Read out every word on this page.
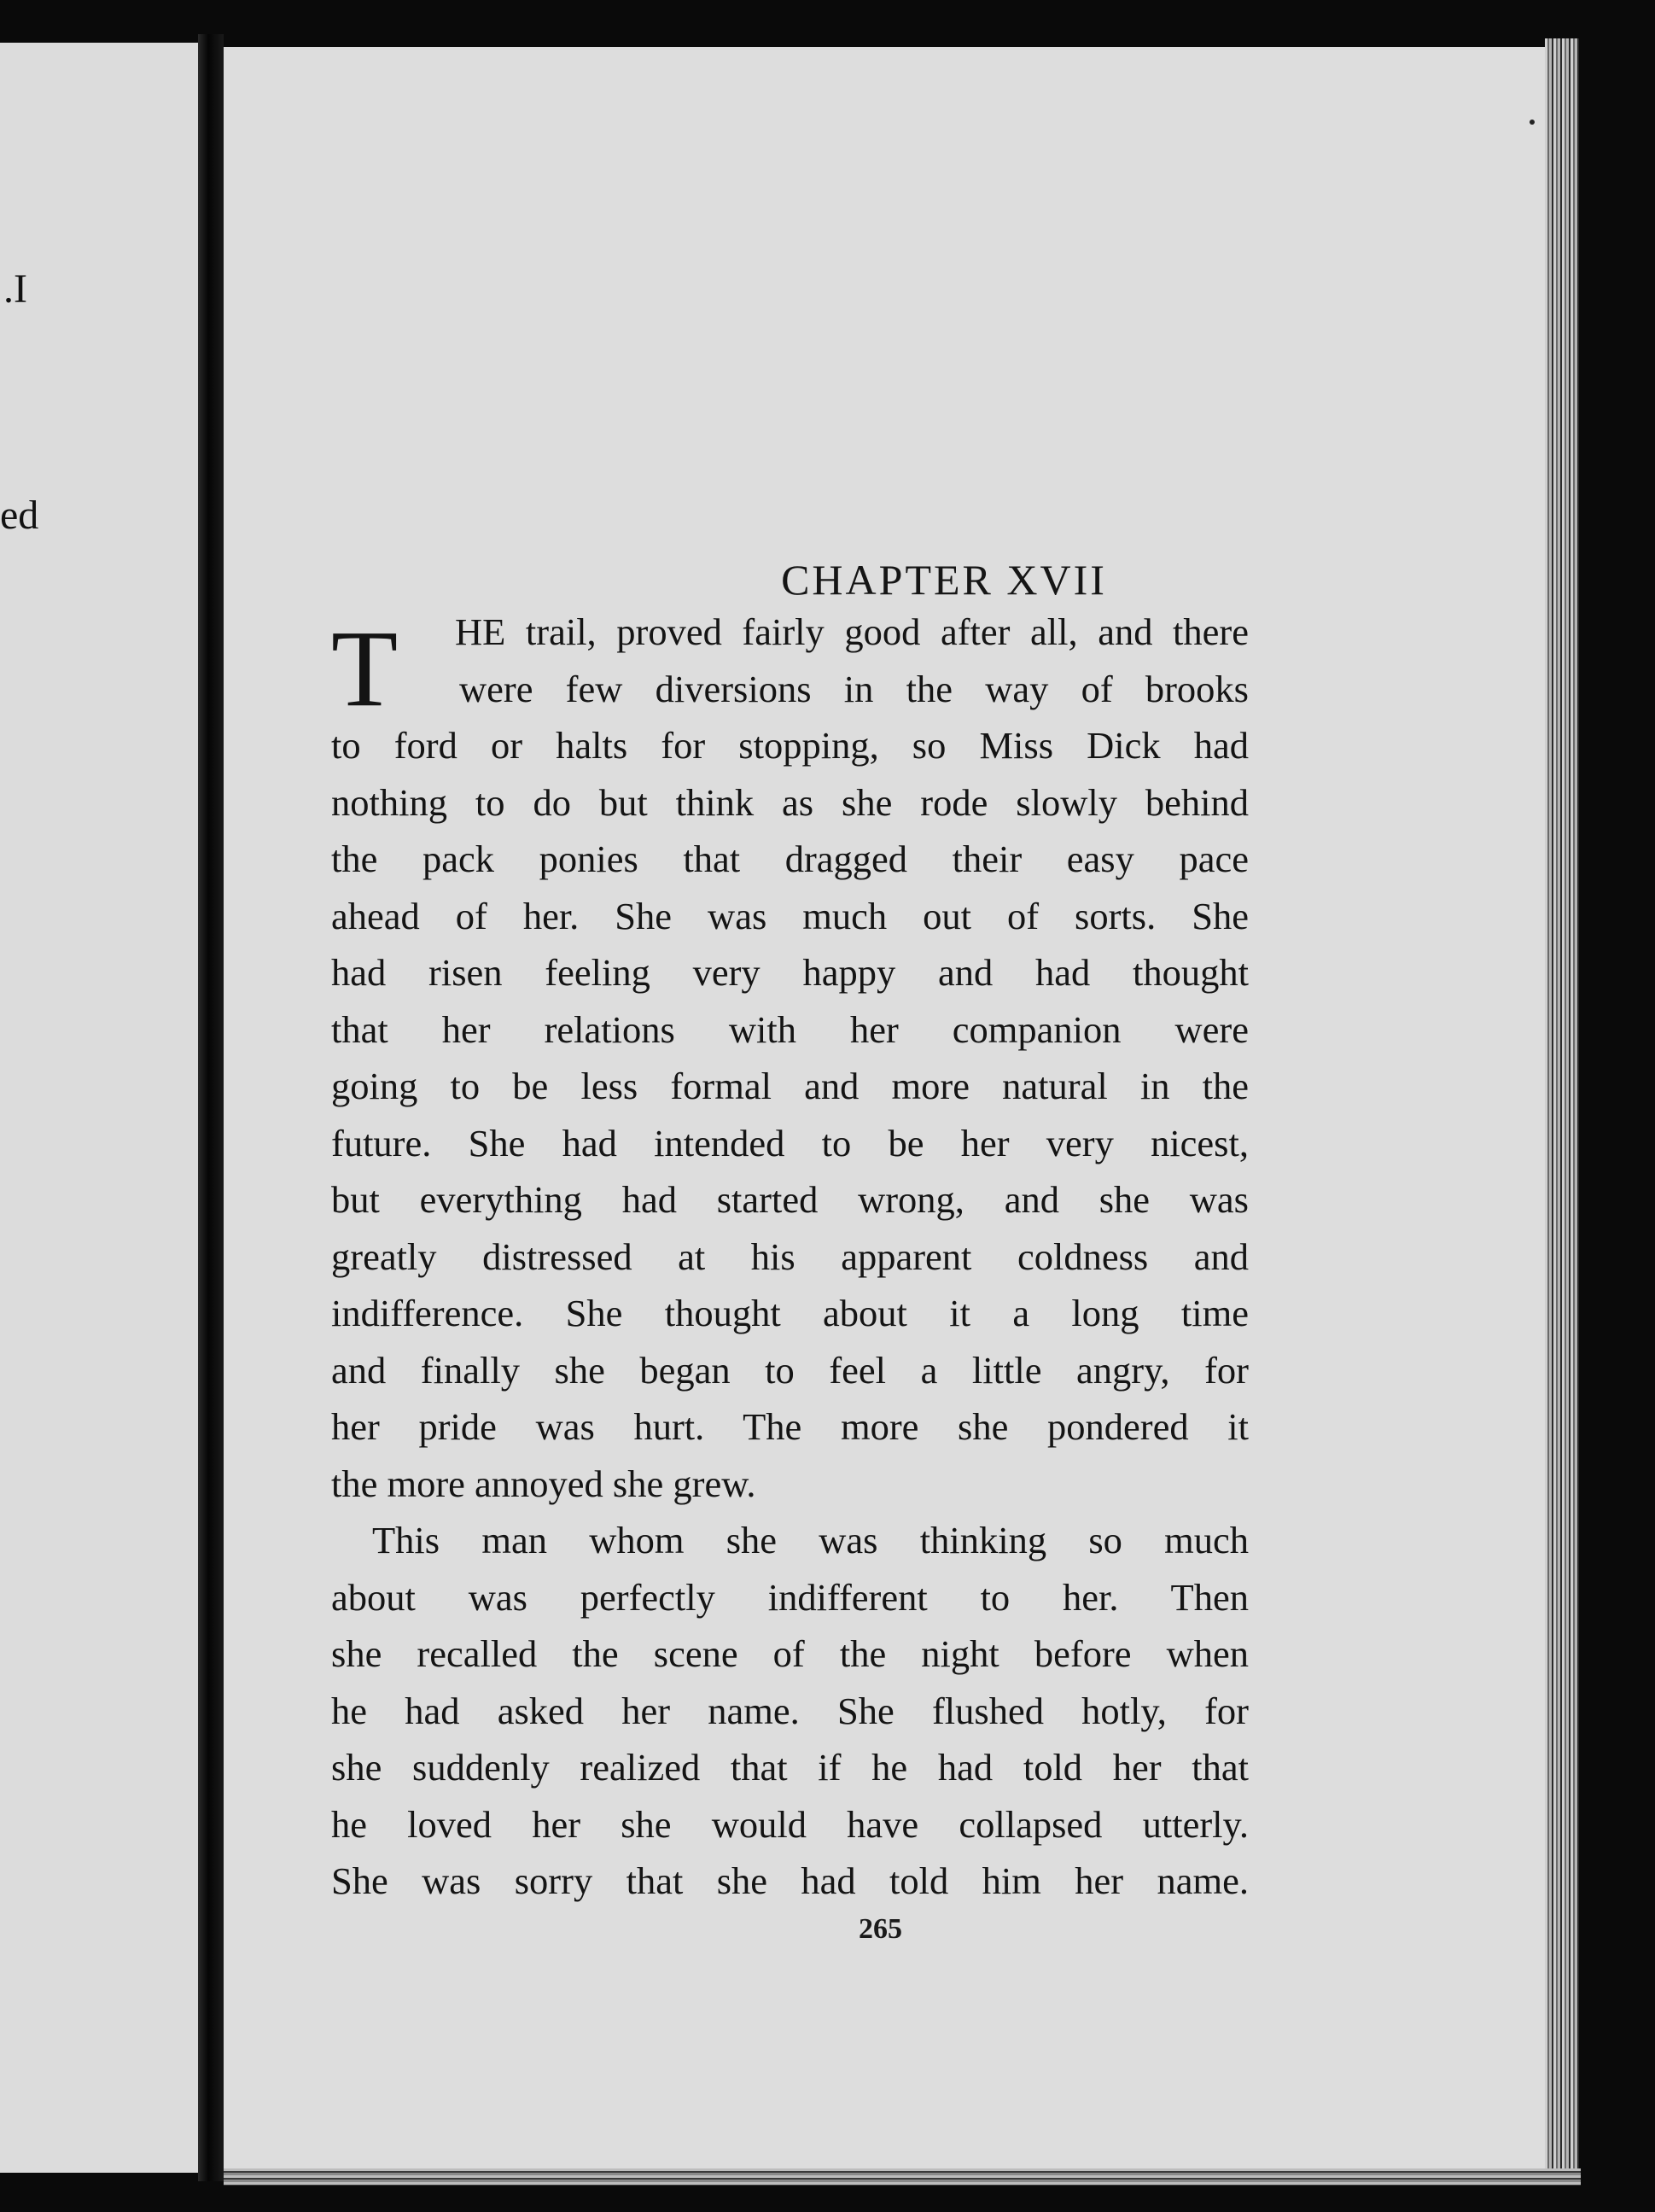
.I
ed
CHAPTER XVII
T	HE trail, proved fairly good after all, and there
were few diversions in the way of brooks
to ford or halts for stopping, so Miss Dick had
nothing to do but think as she rode slowly behind
the pack ponies that dragged their easy pace
ahead of her. She was much out of sorts. She
had risen feeling very happy and had thought
that her relations with her companion were
going to be less formal and more natural in the
future. She had intended to be her very nicest,
but everything had started wrong, and she was
greatly distressed at his apparent coldness and
indifference. She thought about it a long time
and finally she began to feel a little angry, for
her pride was hurt. The more she pondered it
the more annoyed she grew.
This man whom she was thinking so much
about was perfectly indifferent to her. Then
she recalled the scene of the night before when
he had asked her name. She flushed hotly, for
she suddenly realized that if he had told her that
he loved her she would have collapsed utterly.
She was sorry that she had told him her name.
265
